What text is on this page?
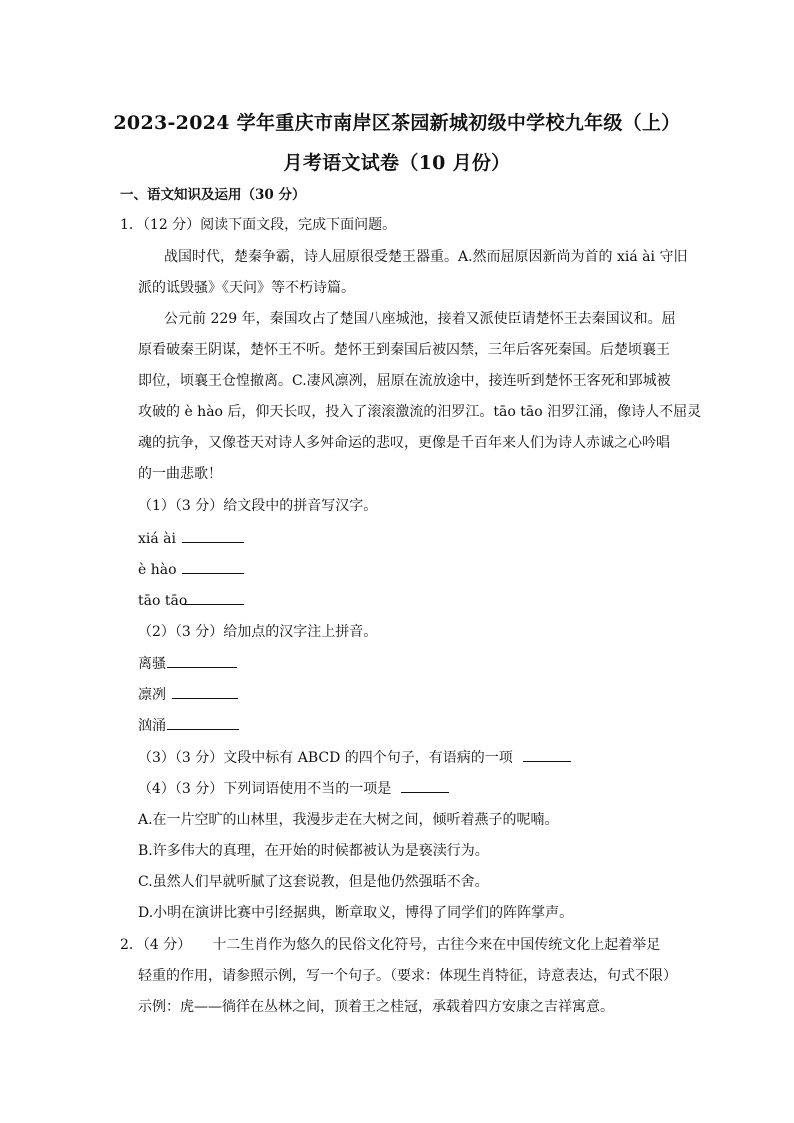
2023-2024 学年重庆市南岸区茶园新城初级中学校九年级（上）
月考语文试卷（10 月份）
一、语文知识及运用（30 分）
1．（12 分）阅读下面文段，完成下面问题。
战国时代，楚秦争霸，诗人屈原很受楚王器重。A.然而屈原因新尚为首的 xiá ài 守旧
派的诋毁骚》《天问》等不朽诗篇。
公元前 229 年，秦国攻占了楚国八座城池，接着又派使臣请楚怀王去秦国议和。屈
原看破秦王阴谋，楚怀王不听。楚怀王到秦国后被囚禁，三年后客死秦国。后楚顷襄王
即位，顷襄王仓惶撤离。C.凄风凛冽，屈原在流放途中，接连听到楚怀王客死和郢城被
攻破的 è hào 后，仰天长叹，投入了滚滚激流的汨罗江。tāo tāo 汨罗江涌，像诗人不屈灵
魂的抗争，又像苍天对诗人多舛命运的悲叹，更像是千百年来人们为诗人赤诚之心吟唱
的一曲悲歌！
（1）（3 分）给文段中的拼音写汉字。
xiá ài
è hào
tāo tāo
（2）（3 分）给加点的汉字注上拼音。
离骚
凛冽
汹涌
（3）（3 分）文段中标有 ABCD 的四个句子，有语病的一项
（4）（3 分）下列词语使用不当的一项是
A.在一片空旷的山林里，我漫步走在大树之间，倾听着燕子的呢喃。
B.许多伟大的真理，在开始的时候都被认为是亵渎行为。
C.虽然人们早就听腻了这套说教，但是他仍然强聒不舍。
D.小明在演讲比赛中引经据典，断章取义，博得了同学们的阵阵掌声。
2．（4 分）　　十二生肖作为悠久的民俗文化符号，古往今来在中国传统文化上起着举足
轻重的作用，请参照示例，写一个句子。（要求：体现生肖特征，诗意表达，句式不限）
示例：虎——徜徉在丛林之间，顶着王之桂冠，承载着四方安康之吉祥寓意。
